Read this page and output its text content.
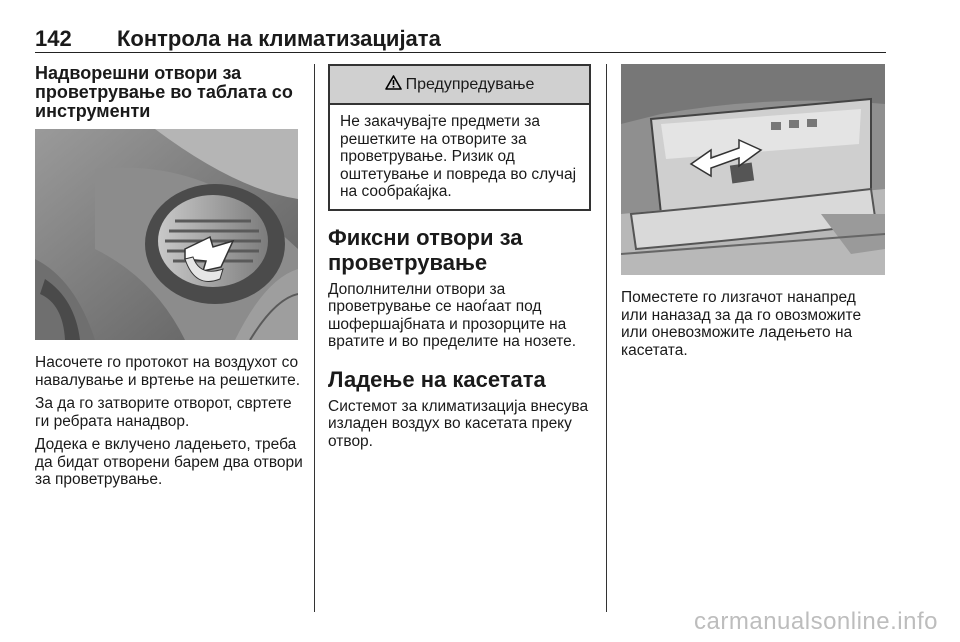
142 Контрола на климатизацијата
Надворешни отвори за проветрување во таблата со инструменти

Насочете го протокот на воздухот со навалување и вртење на решетките.

За да го затворите отворот, свртете ги ребрата нанадвор.

Додека е вклучено ладењето, треба да бидат отворени барем два отвори за проветрување.

Предупредување
Не закачувајте предмети за решетките на отворите за проветрување. Ризик од оштетување и повреда во случај на сообраќајка.
Фиксни отвори за проветрување

Дополнителни отвори за проветрување се наоѓаат под шофершајбната и прозорците на вратите и во пределите на нозете.

Ладење на касетата

Системот за климатизација внесува изладен воздух во касетата преку отвор.

Поместете го лизгачот нанапред или наназад за да го овозможите или оневозможите ладењето на касетата.

carmanualsonline.info
